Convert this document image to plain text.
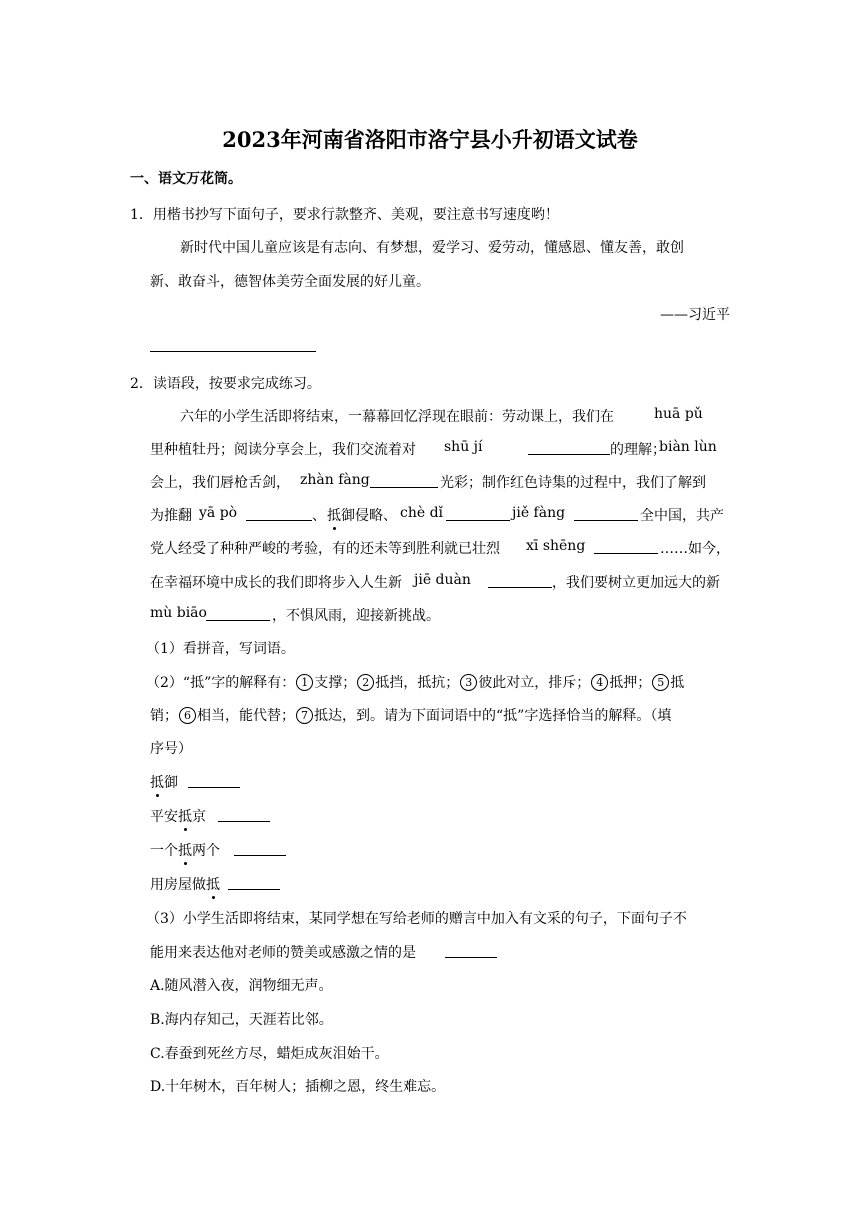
2023年河南省洛阳市洛宁县小升初语文试卷
一、语文万花筒。
1．用楷书抄写下面句子，要求行款整齐、美观，要注意书写速度哟！
新时代中国儿童应该是有志向、有梦想，爱学习、爱劳动，懂感恩、懂友善，敢创
新、敢奋斗，德智体美劳全面发展的好儿童。
——习近平
2．读语段，按要求完成练习。
六年的小学生活即将结束，一幕幕回忆浮现在眼前：劳动课上，我们在	huā pǔ
里种植牡丹；阅读分享会上，我们交流着对 shū jí	的理解；
biàn lùn
会上，我们唇枪舌剑， zhàn fàng	光彩；制作红色诗集的过程中，我们了解到
为推翻 yā pò	、 抵御侵略、 chè dǐ	jiě fàng	全中国，共产
党人经受了种种严峻的考验，有的还未等到胜利就已壮烈 xī shēng	……如今，
在幸福环境中成长的我们即将步入人生新 jiē duàn	，我们要树立更加远大的新
mù biāo	，不惧风雨，迎接新挑战。
（1）看拼音，写词语。
（2）“抵”字的解释有： 1 支撑； 2 抵挡，抵抗； 3 彼此对立，排斥； 4 抵押； 5 抵
销； 6 相当，能代替； 7 抵达，到。请为下面词语中的“抵”字选择恰当的解释。（填
序号）
抵御
平安抵京
一个抵两个
用房屋做抵
（3）小学生活即将结束，某同学想在写给老师的赠言中加入有文采的句子，下面句子不
能用来表达他对老师的赞美或感激之情的是
A.随风潜入夜，润物细无声。
B.海内存知己，天涯若比邻。
C.春蚕到死丝方尽，蜡炬成灰泪始干。
D.十年树木，百年树人；插柳之恩，终生难忘。
